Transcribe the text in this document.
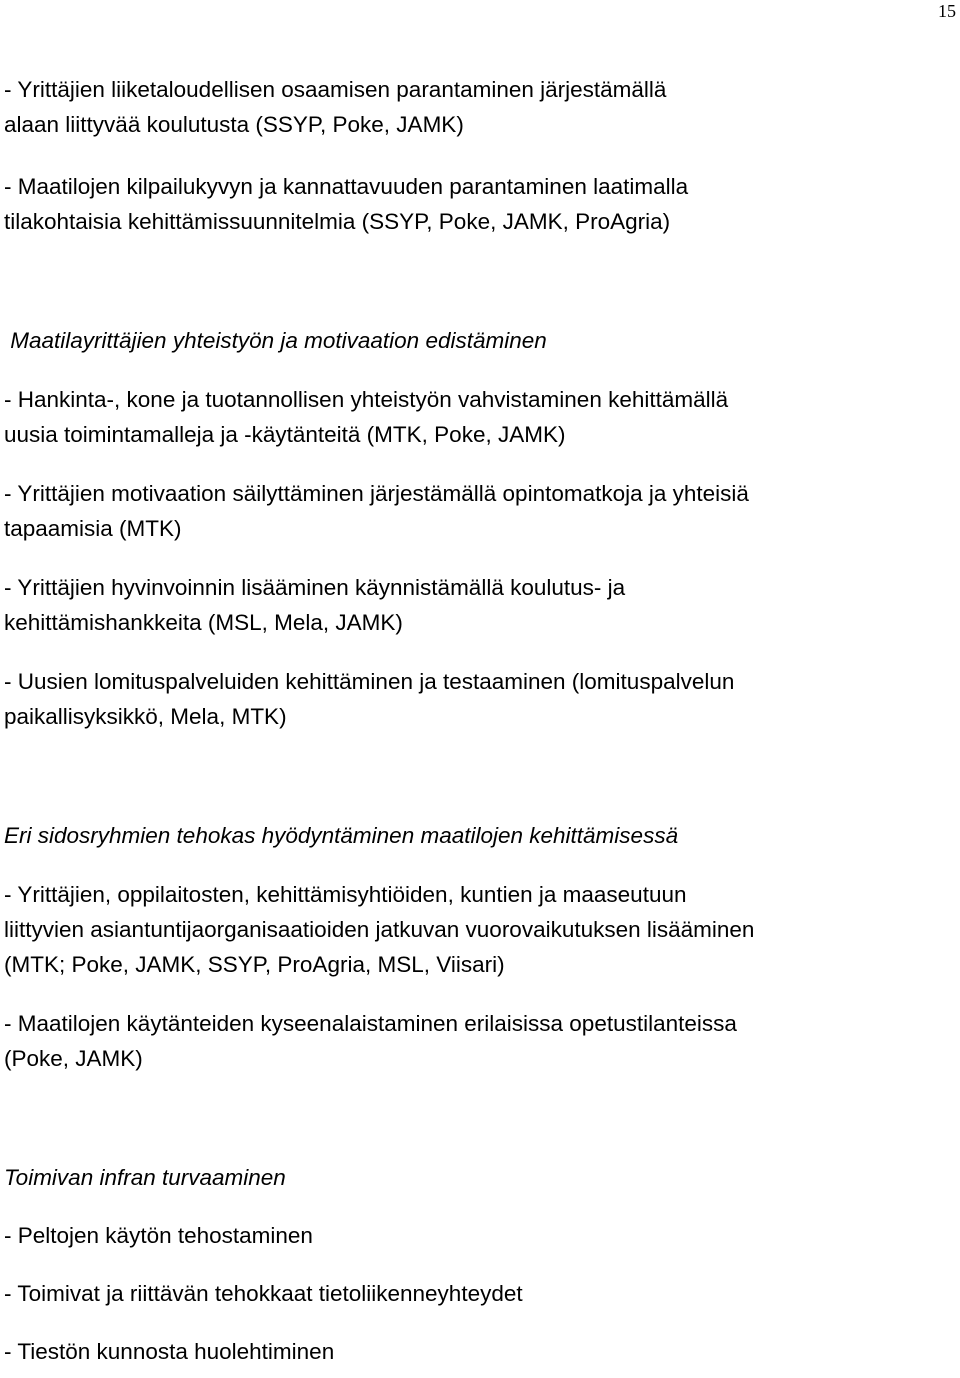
15

- Yrittäjien liiketaloudellisen osaamisen parantaminen järjestämällä
alaan liittyvää koulutusta (SSYP, Poke, JAMK)

- Maatilojen kilpailukyvyn ja kannattavuuden parantaminen laatimalla
tilakohtaisia kehittämissuunnitelmia (SSYP, Poke, JAMK, ProAgria)

Maatilayrittäjien yhteistyön ja motivaation edistäminen

- Hankinta-, kone ja tuotannollisen yhteistyön vahvistaminen kehittämällä
uusia toimintamalleja ja -käytänteitä (MTK, Poke, JAMK)

- Yrittäjien motivaation säilyttäminen järjestämällä opintomatkoja ja yhteisiä
tapaamisia (MTK)

- Yrittäjien hyvinvoinnin lisääminen käynnistämällä koulutus- ja
kehittämishankkeita (MSL, Mela, JAMK)

- Uusien lomituspalveluiden kehittäminen ja testaaminen (lomituspalvelun
paikallisyksikkö, Mela, MTK)

Eri sidosryhmien tehokas hyödyntäminen maatilojen kehittämisessä

- Yrittäjien, oppilaitosten, kehittämisyhtiöiden, kuntien ja maaseutuun
liittyvien asiantuntijaorganisaatioiden jatkuvan vuorovaikutuksen lisääminen
(MTK; Poke, JAMK, SSYP, ProAgria, MSL, Viisari)

- Maatilojen käytänteiden kyseenalaistaminen erilaisissa opetustilanteissa
(Poke, JAMK)

Toimivan infran turvaaminen

- Peltojen käytön tehostaminen

- Toimivat ja riittävän tehokkaat tietoliikenneyhteydet

- Tiestön kunnosta huolehtiminen
